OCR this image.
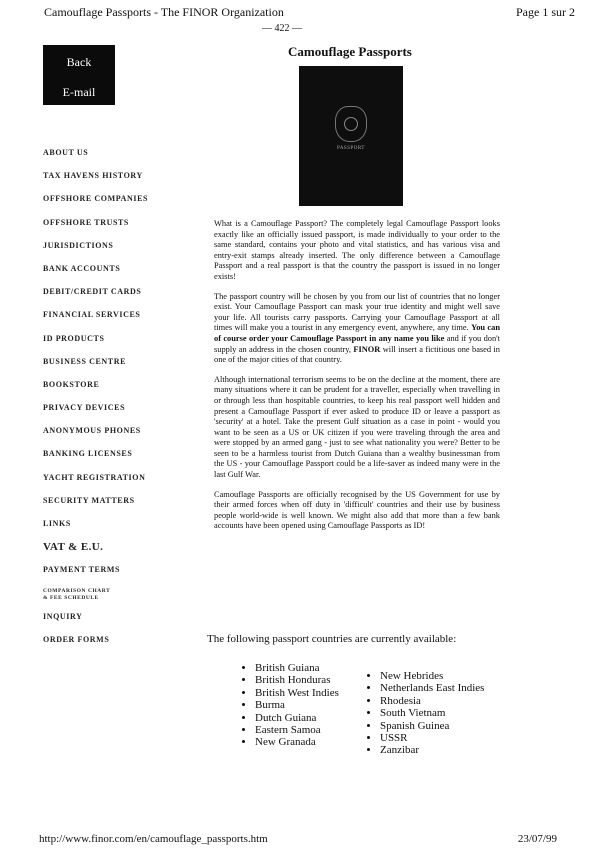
Camouflage Passports - The FINOR Organization	Page 1 sur 2
— 422 —
Camouflage Passports
Back
E-mail
PASSPORT
ABOUT US
TAX HAVENS HISTORY
OFFSHORE COMPANIES
OFFSHORE TRUSTS
JURISDICTIONS
BANK ACCOUNTS
DEBIT/CREDIT CARDS
FINANCIAL SERVICES
ID PRODUCTS
BUSINESS CENTRE
BOOKSTORE
PRIVACY DEVICES
ANONYMOUS PHONES
BANKING LICENSES
YACHT REGISTRATION
SECURITY MATTERS
LINKS
VAT & E.U.
PAYMENT TERMS
COMPARISON CHART & FEE SCHEDULE
INQUIRY
ORDER FORMS

What is a Camouflage Passport? The completely legal Camouflage Passport looks exactly like an officially issued passport, is made individually to your order to the same standard, contains your photo and vital statistics, and has various visa and entry-exit stamps already inserted. The only difference between a Camouflage Passport and a real passport is that the country the passport is issued in no longer exists!

The passport country will be chosen by you from our list of countries that no longer exist. Your Camouflage Passport can mask your true identity and might well save your life. All tourists carry passports. Carrying your Camouflage Passport at all times will make you a tourist in any emergency event, anywhere, any time. You can of course order your Camouflage Passport in any name you like and if you don't supply an address in the chosen country, FINOR will insert a fictitious one based in one of the major cities of that country.

Although international terrorism seems to be on the decline at the moment, there are many situations where it can be prudent for a traveller, especially when travelling in or through less than hospitable countries, to keep his real passport well hidden and present a Camouflage Passport if ever asked to produce ID or leave a passport as 'security' at a hotel. Take the present Gulf situation as a case in point - would you want to be seen as a US or UK citizen if you were traveling through the area and were stopped by an armed gang - just to see what nationality you were? Better to be seen to be a harmless tourist from Dutch Guiana than a wealthy businessman from the US - your Camouflage Passport could be a life-saver as indeed many were in the last Gulf War.

Camouflage Passports are officially recognised by the US Government for use by their armed forces when off duty in 'difficult' countries and their use by business people world-wide is well known. We might also add that more than a few bank accounts have been opened using Camouflage Passports as ID!

The following passport countries are currently available:
• British Guiana
• British Honduras
• British West Indies
• Burma
• Dutch Guiana
• Eastern Samoa
• New Granada
• New Hebrides
• Netherlands East Indies
• Rhodesia
• South Vietnam
• Spanish Guinea
• USSR
• Zanzibar
http://www.finor.com/en/camouflage_passports.htm	23/07/99
